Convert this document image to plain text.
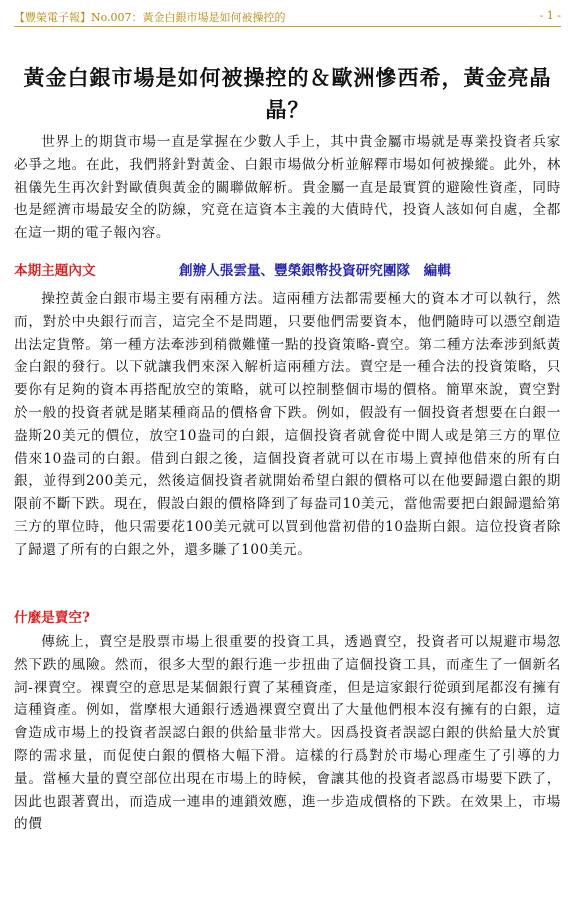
【豐榮電子報】No.007：黃金白銀市場是如何被操控的	- 1 -
黃金白銀市場是如何被操控的＆歐洲慘西希，黃金亮晶晶？

世界上的期貨市場一直是掌握在少數人手上，其中貴金屬市場就是專業投資者兵家必爭之地。在此，我們將針對黃金、白銀市場做分析並解釋市場如何被操縱。此外，林祖儀先生再次針對歐債與黃金的關聯做解析。貴金屬一直是最實質的避險性資產，同時也是經濟市場最安全的防線，究竟在這資本主義的大債時代，投資人該如何自處，全都在這一期的電子報內容。

本期主題內文	創辦人張雲量、豐榮銀幣投資研究團隊　編輯

操控黃金白銀市場主要有兩種方法。這兩種方法都需要極大的資本才可以執行，然而，對於中央銀行而言，這完全不是問題，只要他們需要資本，他們隨時可以憑空創造出法定貨幣。第一種方法牽涉到稍微難懂一點的投資策略-賣空。第二種方法牽涉到紙黃金白銀的發行。以下就讓我們來深入解析這兩種方法。賣空是一種合法的投資策略，只要你有足夠的資本再搭配放空的策略，就可以控制整個市場的價格。簡單來說，賣空對於一般的投資者就是賭某種商品的價格會下跌。例如，假設有一個投資者想要在白銀一盎斯20美元的價位，放空10盎司的白銀，這個投資者就會從中間人或是第三方的單位借來10盎司的白銀。借到白銀之後，這個投資者就可以在市場上賣掉他借來的所有白銀，並得到200美元，然後這個投資者就開始希望白銀的價格可以在他要歸還白銀的期限前不斷下跌。現在，假設白銀的價格降到了每盎司10美元，當他需要把白銀歸還給第三方的單位時，他只需要花100美元就可以買到他當初借的10盎斯白銀。這位投資者除了歸還了所有的白銀之外，還多賺了100美元。

什麼是賣空?

傳統上，賣空是股票市場上很重要的投資工具，透過賣空，投資者可以規避市場忽然下跌的風險。然而，很多大型的銀行進一步扭曲了這個投資工具，而產生了一個新名詞-裸賣空。裸賣空的意思是某個銀行賣了某種資產，但是這家銀行從頭到尾都沒有擁有這種資產。例如，當摩根大通銀行透過裸賣空賣出了大量他們根本沒有擁有的白銀，這會造成市場上的投資者誤認白銀的供給量非常大。因爲投資者誤認白銀的供給量大於實際的需求量，而促使白銀的價格大幅下滑。這樣的行爲對於市場心理產生了引導的力量。當極大量的賣空部位出現在市場上的時候，會讓其他的投資者認爲市場要下跌了，因此也跟著賣出，而造成一連串的連鎖效應，進一步造成價格的下跌。在效果上，市場的價
